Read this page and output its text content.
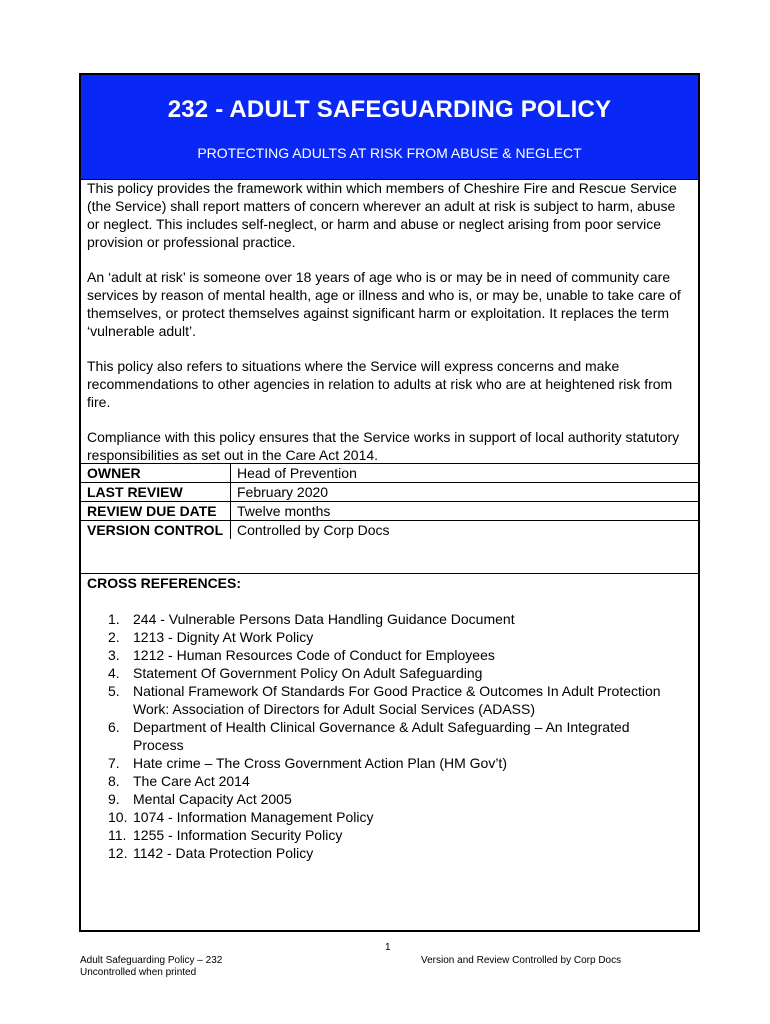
232 - ADULT SAFEGUARDING POLICY
PROTECTING ADULTS AT RISK FROM ABUSE & NEGLECT

This policy provides the framework within which members of Cheshire Fire and Rescue Service (the Service) shall report matters of concern wherever an adult at risk is subject to harm, abuse or neglect. This includes self-neglect, or harm and abuse or neglect arising from poor service provision or professional practice.

An ‘adult at risk’ is someone over 18 years of age who is or may be in need of community care services by reason of mental health, age or illness and who is, or may be, unable to take care of themselves, or protect themselves against significant harm or exploitation. It replaces the term ‘vulnerable adult’.

This policy also refers to situations where the Service will express concerns and make recommendations to other agencies in relation to adults at risk who are at heightened risk from fire.

Compliance with this policy ensures that the Service works in support of local authority statutory responsibilities as set out in the Care Act 2014.

OWNER	Head of Prevention
LAST REVIEW	February 2020
REVIEW DUE DATE	Twelve months
VERSION CONTROL	Controlled by Corp Docs
CROSS REFERENCES:
1. 244 - Vulnerable Persons Data Handling Guidance Document
2. 1213 - Dignity At Work Policy
3. 1212 - Human Resources Code of Conduct for Employees
4. Statement Of Government Policy On Adult Safeguarding
5. National Framework Of Standards For Good Practice & Outcomes In Adult Protection Work: Association of Directors for Adult Social Services (ADASS)
6. Department of Health Clinical Governance & Adult Safeguarding – An Integrated Process
7. Hate crime – The Cross Government Action Plan (HM Gov’t)
8. The Care Act 2014
9. Mental Capacity Act 2005
10. 1074 - Information Management Policy
11. 1255 - Information Security Policy
12. 1142 - Data Protection Policy
1
Adult Safeguarding Policy – 232
Uncontrolled when printed
Version and Review Controlled by Corp Docs
